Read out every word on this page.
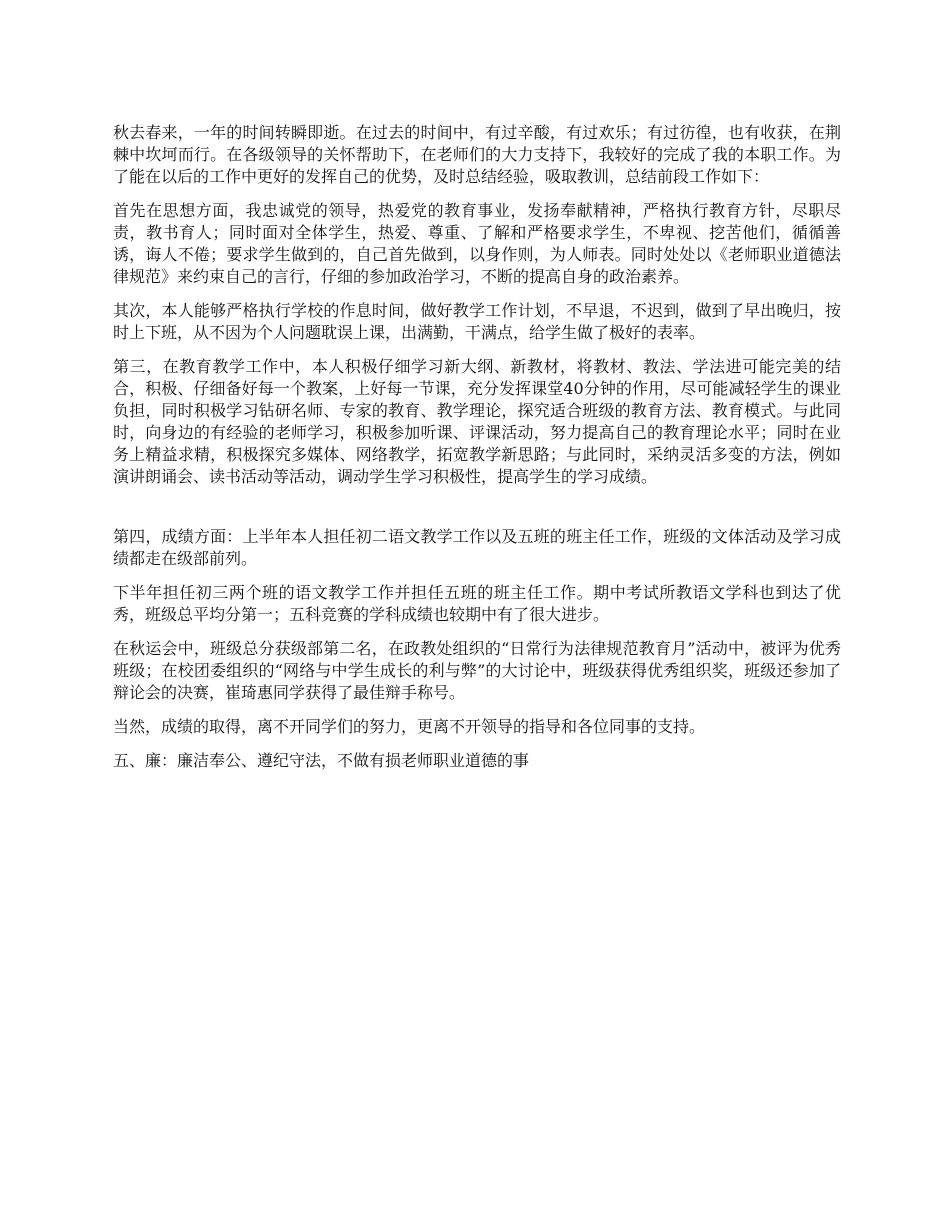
秋去春来，一年的时间转瞬即逝。在过去的时间中，有过辛酸，有过欢乐；有过彷徨，也有收获，在荆棘中坎坷而行。在各级领导的关怀帮助下，在老师们的大力支持下，我较好的完成了我的本职工作。为了能在以后的工作中更好的发挥自己的优势，及时总结经验，吸取教训，总结前段工作如下：

首先在思想方面，我忠诚党的领导，热爱党的教育事业，发扬奉献精神，严格执行教育方针，尽职尽责，教书育人；同时面对全体学生，热爱、尊重、了解和严格要求学生，不卑视、挖苦他们，循循善诱，诲人不倦；要求学生做到的，自己首先做到，以身作则，为人师表。同时处处以《老师职业道德法律规范》来约束自己的言行，仔细的参加政治学习，不断的提高自身的政治素养。

其次，本人能够严格执行学校的作息时间，做好教学工作计划，不早退，不迟到，做到了早出晚归，按时上下班，从不因为个人问题耽误上课，出满勤，干满点，给学生做了极好的表率。

第三，在教育教学工作中，本人积极仔细学习新大纲、新教材，将教材、教法、学法进可能完美的结合，积极、仔细备好每一个教案，上好每一节课，充分发挥课堂40分钟的作用，尽可能减轻学生的课业负担，同时积极学习钻研名师、专家的教育、教学理论，探究适合班级的教育方法、教育模式。与此同时，向身边的有经验的老师学习，积极参加听课、评课活动，努力提高自己的教育理论水平；同时在业务上精益求精，积极探究多媒体、网络教学，拓宽教学新思路；与此同时，采纳灵活多变的方法，例如演讲朗诵会、读书活动等活动，调动学生学习积极性，提高学生的学习成绩。

第四，成绩方面：上半年本人担任初二语文教学工作以及五班的班主任工作，班级的文体活动及学习成绩都走在级部前列。

下半年担任初三两个班的语文教学工作并担任五班的班主任工作。期中考试所教语文学科也到达了优秀，班级总平均分第一；五科竞赛的学科成绩也较期中有了很大进步。

在秋运会中，班级总分获级部第二名，在政教处组织的“日常行为法律规范教育月”活动中，被评为优秀班级；在校团委组织的“网络与中学生成长的利与弊”的大讨论中，班级获得优秀组织奖，班级还参加了辩论会的决赛，崔琦惠同学获得了最佳辩手称号。

当然，成绩的取得，离不开同学们的努力，更离不开领导的指导和各位同事的支持。

五、廉：廉洁奉公、遵纪守法，不做有损老师职业道德的事
